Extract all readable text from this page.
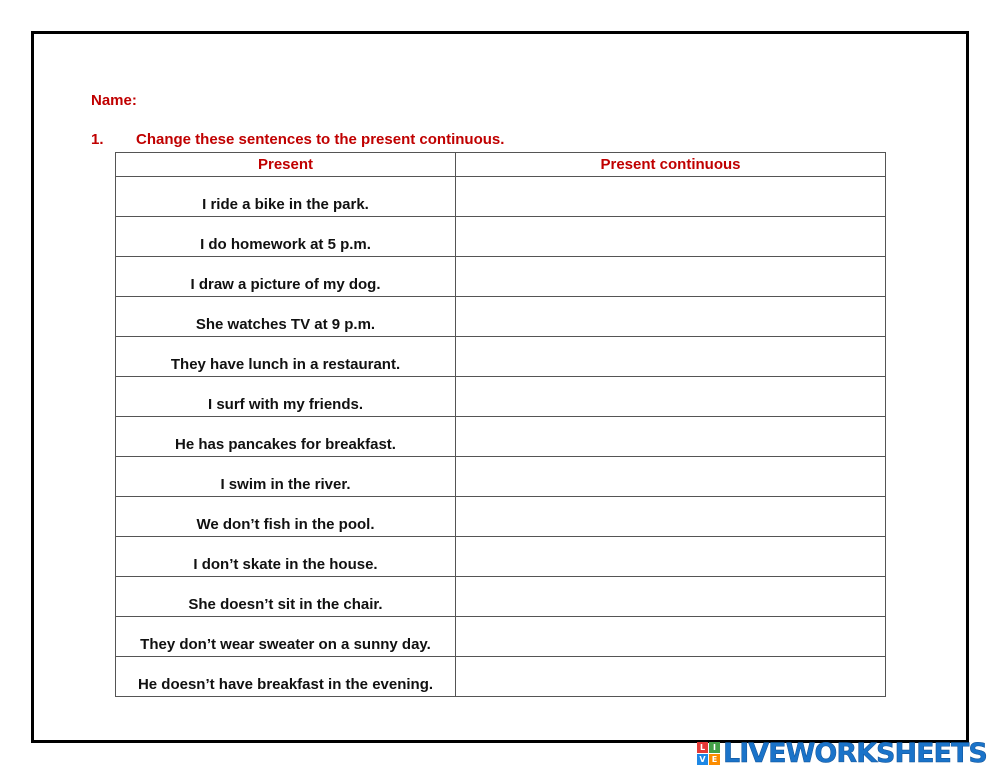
Name:
1. Change these sentences to the present continuous.
Present	Present continuous
I ride a bike in the park.	
I do homework at 5 p.m.	
I draw a picture of my dog.	
She watches TV at 9 p.m.	
They have lunch in a restaurant.	
I surf with my friends.	
He has pancakes for breakfast.	
I swim in the river.	
We don’t fish in the pool.	
I don’t skate in the house.	
She doesn’t sit in the chair.	
They don’t wear sweater on a sunny day.	
He doesn’t have breakfast in the evening.	
L I
V E LIVEWORKSHEETS
